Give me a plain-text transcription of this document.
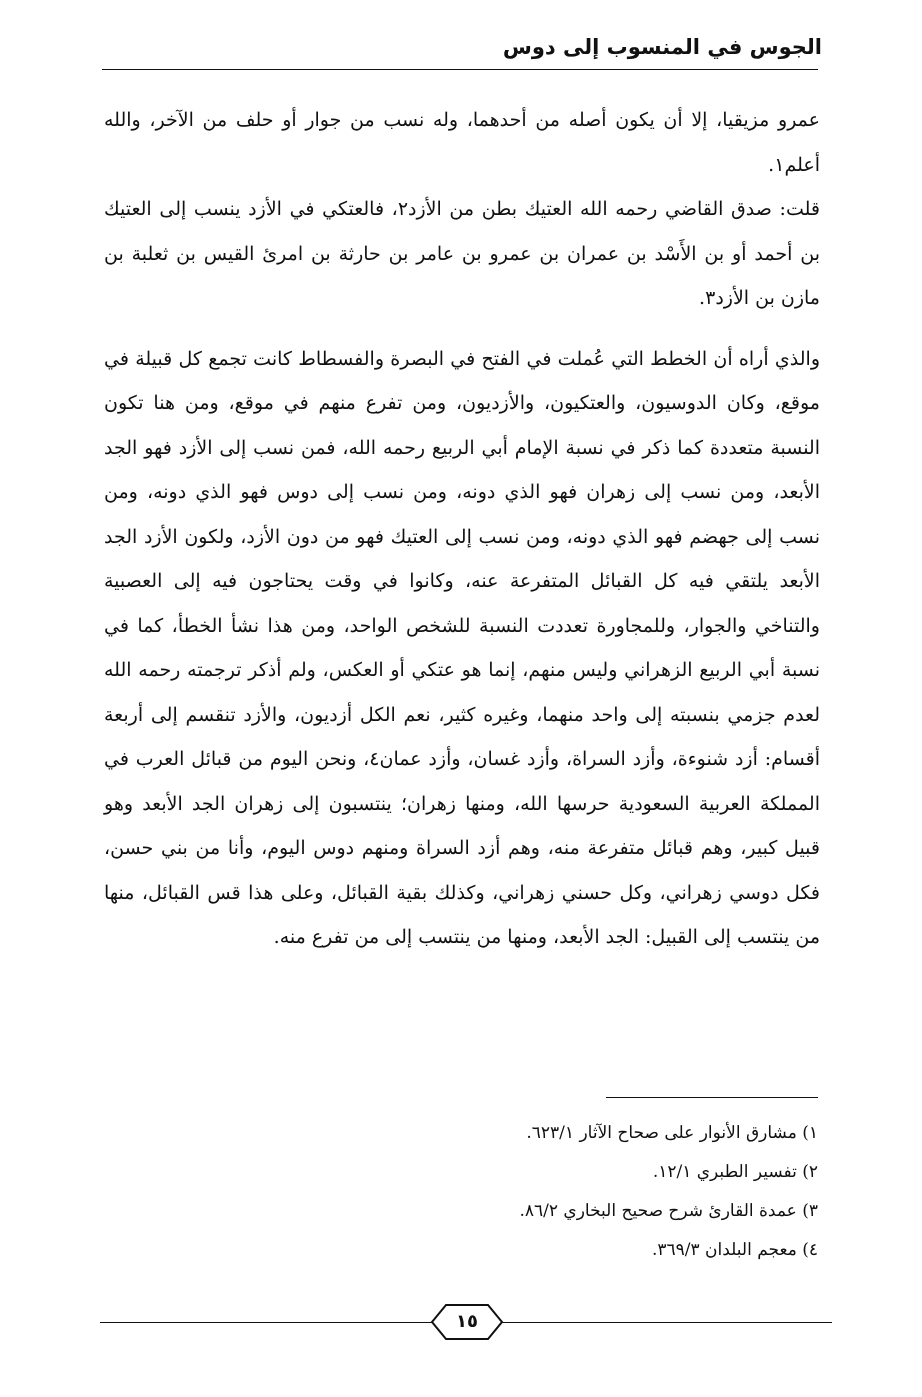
الجوس في المنسوب إلى دوس

عمرو مزيقيا، إلا أن يكون أصله من أحدهما، وله نسب من جوار أو حلف من الآخر، والله أعلم١.

قلت: صدق القاضي رحمه الله العتيك بطن من الأزد٢، فالعتكي في الأزد ينسب إلى العتيك بن أحمد أو بن الأَسْد بن عمران بن عمرو بن عامر بن حارثة بن امرئ القيس بن ثعلبة بن مازن بن الأزد٣.

والذي أراه أن الخطط التي عُملت في الفتح في البصرة والفسطاط كانت تجمع كل قبيلة في موقع، وكان الدوسيون، والعتكيون، والأزديون، ومن تفرع منهم في موقع، ومن هنا تكون النسبة متعددة كما ذكر في نسبة الإمام أبي الربيع رحمه الله، فمن نسب إلى الأزد فهو الجد الأبعد، ومن نسب إلى زهران فهو الذي دونه، ومن نسب إلى دوس فهو الذي دونه، ومن نسب إلى جهضم فهو الذي دونه، ومن نسب إلى العتيك فهو من دون الأزد، ولكون الأزد الجد الأبعد يلتقي فيه كل القبائل المتفرعة عنه، وكانوا في وقت يحتاجون فيه إلى العصبية والتناخي والجوار، وللمجاورة تعددت النسبة للشخص الواحد، ومن هذا نشأ الخطأ، كما في نسبة أبي الربيع الزهراني وليس منهم، إنما هو عتكي أو العكس، ولم أذكر ترجمته رحمه الله لعدم جزمي بنسبته إلى واحد منهما، وغيره كثير، نعم الكل أزديون، والأزد تنقسم إلى أربعة أقسام: أزد شنوءة، وأزد السراة، وأزد غسان، وأزد عمان٤، ونحن اليوم من قبائل العرب في المملكة العربية السعودية حرسها الله، ومنها زهران؛ ينتسبون إلى زهران الجد الأبعد وهو قبيل كبير، وهم قبائل متفرعة منه، وهم أزد السراة ومنهم دوس اليوم، وأنا من بني حسن، فكل دوسي زهراني، وكل حسني زهراني، وكذلك بقية القبائل، وعلى هذا قس القبائل، منها من ينتسب إلى القبيل: الجد الأبعد، ومنها من ينتسب إلى من تفرع منه.

١) مشارق الأنوار على صحاح الآثار ٦٢٣/١.
٢) تفسير الطبري ١٢/١.
٣) عمدة القارئ شرح صحيح البخاري ٨٦/٢.
٤) معجم البلدان ٣٦٩/٣.
١٥
